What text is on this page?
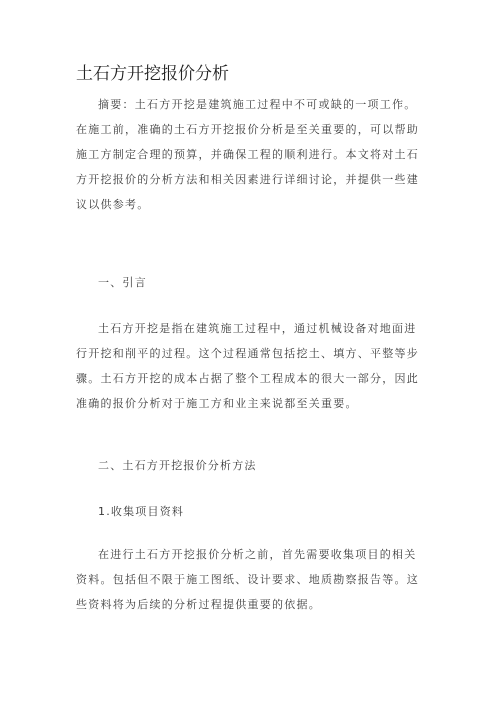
土石方开挖报价分析

摘要：土石方开挖是建筑施工过程中不可或缺的一项工作。在施工前，准确的土石方开挖报价分析是至关重要的，可以帮助施工方制定合理的预算，并确保工程的顺利进行。本文将对土石方开挖报价的分析方法和相关因素进行详细讨论，并提供一些建议以供参考。

一、引言

土石方开挖是指在建筑施工过程中，通过机械设备对地面进行开挖和削平的过程。这个过程通常包括挖土、填方、平整等步骤。土石方开挖的成本占据了整个工程成本的很大一部分，因此准确的报价分析对于施工方和业主来说都至关重要。

二、土石方开挖报价分析方法

1.收集项目资料

在进行土石方开挖报价分析之前，首先需要收集项目的相关资料。包括但不限于施工图纸、设计要求、地质勘察报告等。这些资料将为后续的分析过程提供重要的依据。
